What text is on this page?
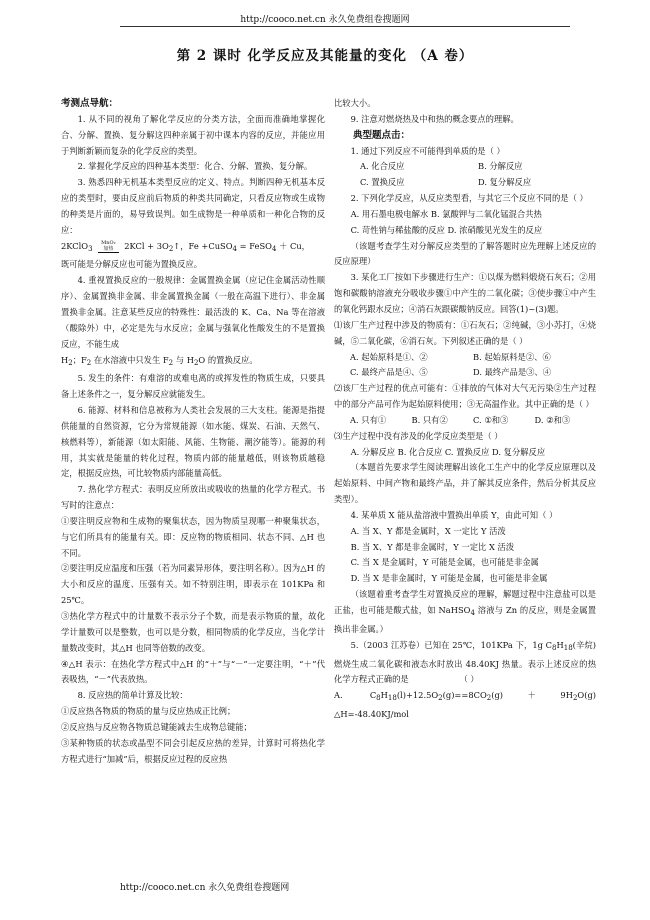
http://cooco.net.cn 永久免费组卷搜题网
第 2 课时 化学反应及其能量的变化 （A 卷）

考测点导航：

1. 从不同的视角了解化学反应的分类方法，全面而准确地掌握化合、分解、置换、复分解这四种亲属于初中课本内容的反应，并能应用于判断新颖而复杂的化学反应的类型。

2. 掌握化学反应的四种基本类型：化合、分解、置换、复分解。

3. 熟悉四种无机基本类型反应的定义、特点。判断四种无机基本反应的类型时，要由反应前后物质的种类共同确定，只看反应物或生成物的种类是片面的，易导致误判。如生成物是一种单质和一种化合物的反应：

2KClO$_3$ MnO₂
加热 $2KCl + 3O_2↑$，Fe +CuSO$_4$ = FeSO$_4$ ＋ Cu，

既可能是分解反应也可能为置换反应。

4. 重视置换反应的一般规律：金属置换金属（应记住金属活动性顺序）、金属置换非金属、非金属置换金属（一般在高温下进行）、非金属置换非金属。注意某些反应的特殊性：最活泼的 K、Ca、Na 等在溶液（酸除外）中，必定是先与水反应；金属与强氧化性酸发生的不是置换反应，不能生成

$H_2$；$F_2$ 在水溶液中只发生 $F_2$ 与 $H_2O$ 的置换反应。

5. 发生的条件：有难溶的或难电离的或挥发性的物质生成，只要具备上述条件之一，复分解反应就能发生。

6. 能源、材料和信息被称为人类社会发展的三大支柱。能源是指提供能量的自然资源，它分为常规能源（如水能、煤炭、石油、天然气、核燃料等），新能源（如太阳能、风能、生物能、潮汐能等）。能源的利用，其实就是能量的转化过程，物质内部的能量越低，则该物质越稳定，根据反应热，可比较物质内部能量高低。

7. 热化学方程式：表明反应所放出或吸收的热量的化学方程式。书写时的注意点：

①要注明反应物和生成物的聚集状态，因为物质呈现哪一种聚集状态，与它们所具有的能量有关。即：反应物的物质相同、状态不同、△H 也不同。

②要注明反应温度和压强（若为同素异形体，要注明名称）。因为△H 的大小和反应的温度、压强有关。如不特别注明，即表示在 101KPa 和 25℃。

③热化学方程式中的计量数不表示分子个数，而是表示物质的量，故化学计量数可以是整数，也可以是分数，相同物质的化学反应，当化学计量数改变时，其△H 也同等倍数的改变。

④△H 表示：在热化学方程式中△H 的“＋”与“－”一定要注明，“＋”代表吸热，“－”代表放热。

8. 反应热的简单计算及比较：

①反应热各物质的物质的量与反应热成正比例；

②反应热与反应物各物质总键能减去生成物总键能；

③某种物质的状态或晶型不同会引起反应热的差异，计算时可将热化学方程式进行“加减”后，根据反应过程的反应热

比较大小。

9. 注意对燃烧热及中和热的概念要点的理解。

典型题点击：

1. 通过下列反应不可能得到单质的是（ ）

A. 化合反应	B. 分解反应
C. 置换反应	D. 复分解反应

2. 下列化学反应，从反应类型看，与其它三个反应不同的是（ ）

A. 用石墨电极电解水 B. 氯酸钾与二氧化锰混合共热

C. 苛性钠与稀盐酸的反应 D. 浓硝酸见光发生的反应

（该题考查学生对分解反应类型的了解答题时应先理解上述反应的反应原理）

3. 某化工厂按如下步骤进行生产：①以煤为燃料煅烧石灰石；②用饱和碳酸钠溶液充分吸收步骤①中产生的二氧化碳；③使步骤①中产生的氧化钙跟水反应；④消石灰跟碳酸钠反应。回答(1)~(3)题。

⑴该厂生产过程中涉及的物质有：①石灰石；②纯碱，③小苏打，④烧碱，⑤二氧化碳，⑥消石灰。下列叙述正确的是（ ）

A. 起始原料是①、②	B. 起始原料是②、⑥
C. 最终产品是④、⑤	D. 最终产品是③、④

⑵该厂生产过程的优点可能有：①排放的气体对大气无污染②生产过程中的部分产品可作为起始原料使用；③无高温作业。其中正确的是（ ）

A. 只有①	B. 只有②	C. ①和③	D. ②和③

⑶生产过程中没有涉及的化学反应类型是（ ）

A. 分解反应 B. 化合反应 C. 置换反应 D. 复分解反应

（本题首先要求学生阅读理解出该化工生产中的化学反应原理以及起始原料、中间产物和最终产品，并了解其反应条件，然后分析其反应类型）。

4. 某单质 X 能从盐溶液中置换出单质 Y，由此可知（ ）

A. 当 X、Y 都是金属时，X 一定比 Y 活泼

B. 当 X、Y 都是非金属时，Y 一定比 X 活泼

C. 当 X 是金属时，Y 可能是金属，也可能是非金属

D. 当 X 是非金属时，Y 可能是金属，也可能是非金属

（该题着重考查学生对置换反应的理解，解题过程中注意盐可以是正盐，也可能是酸式盐，如 NaHSO$_4$ 溶液与 Zn 的反应，则是金属置换出非金属。）

5.（2003 江苏卷）已知在 25℃，101KPa 下，1g $C_8H_{18}$(辛烷)燃烧生成二氧化碳和液态水时放出 48.40KJ 热量。表示上述反应的热化学方程式正确的是	（ ）

A. $C_8H_{18}(l)+12.5O_2(g)==8CO_2(g)+9H_2O(g)$ △H=-48.40KJ/mol

http://cooco.net.cn 永久免费组卷搜题网
